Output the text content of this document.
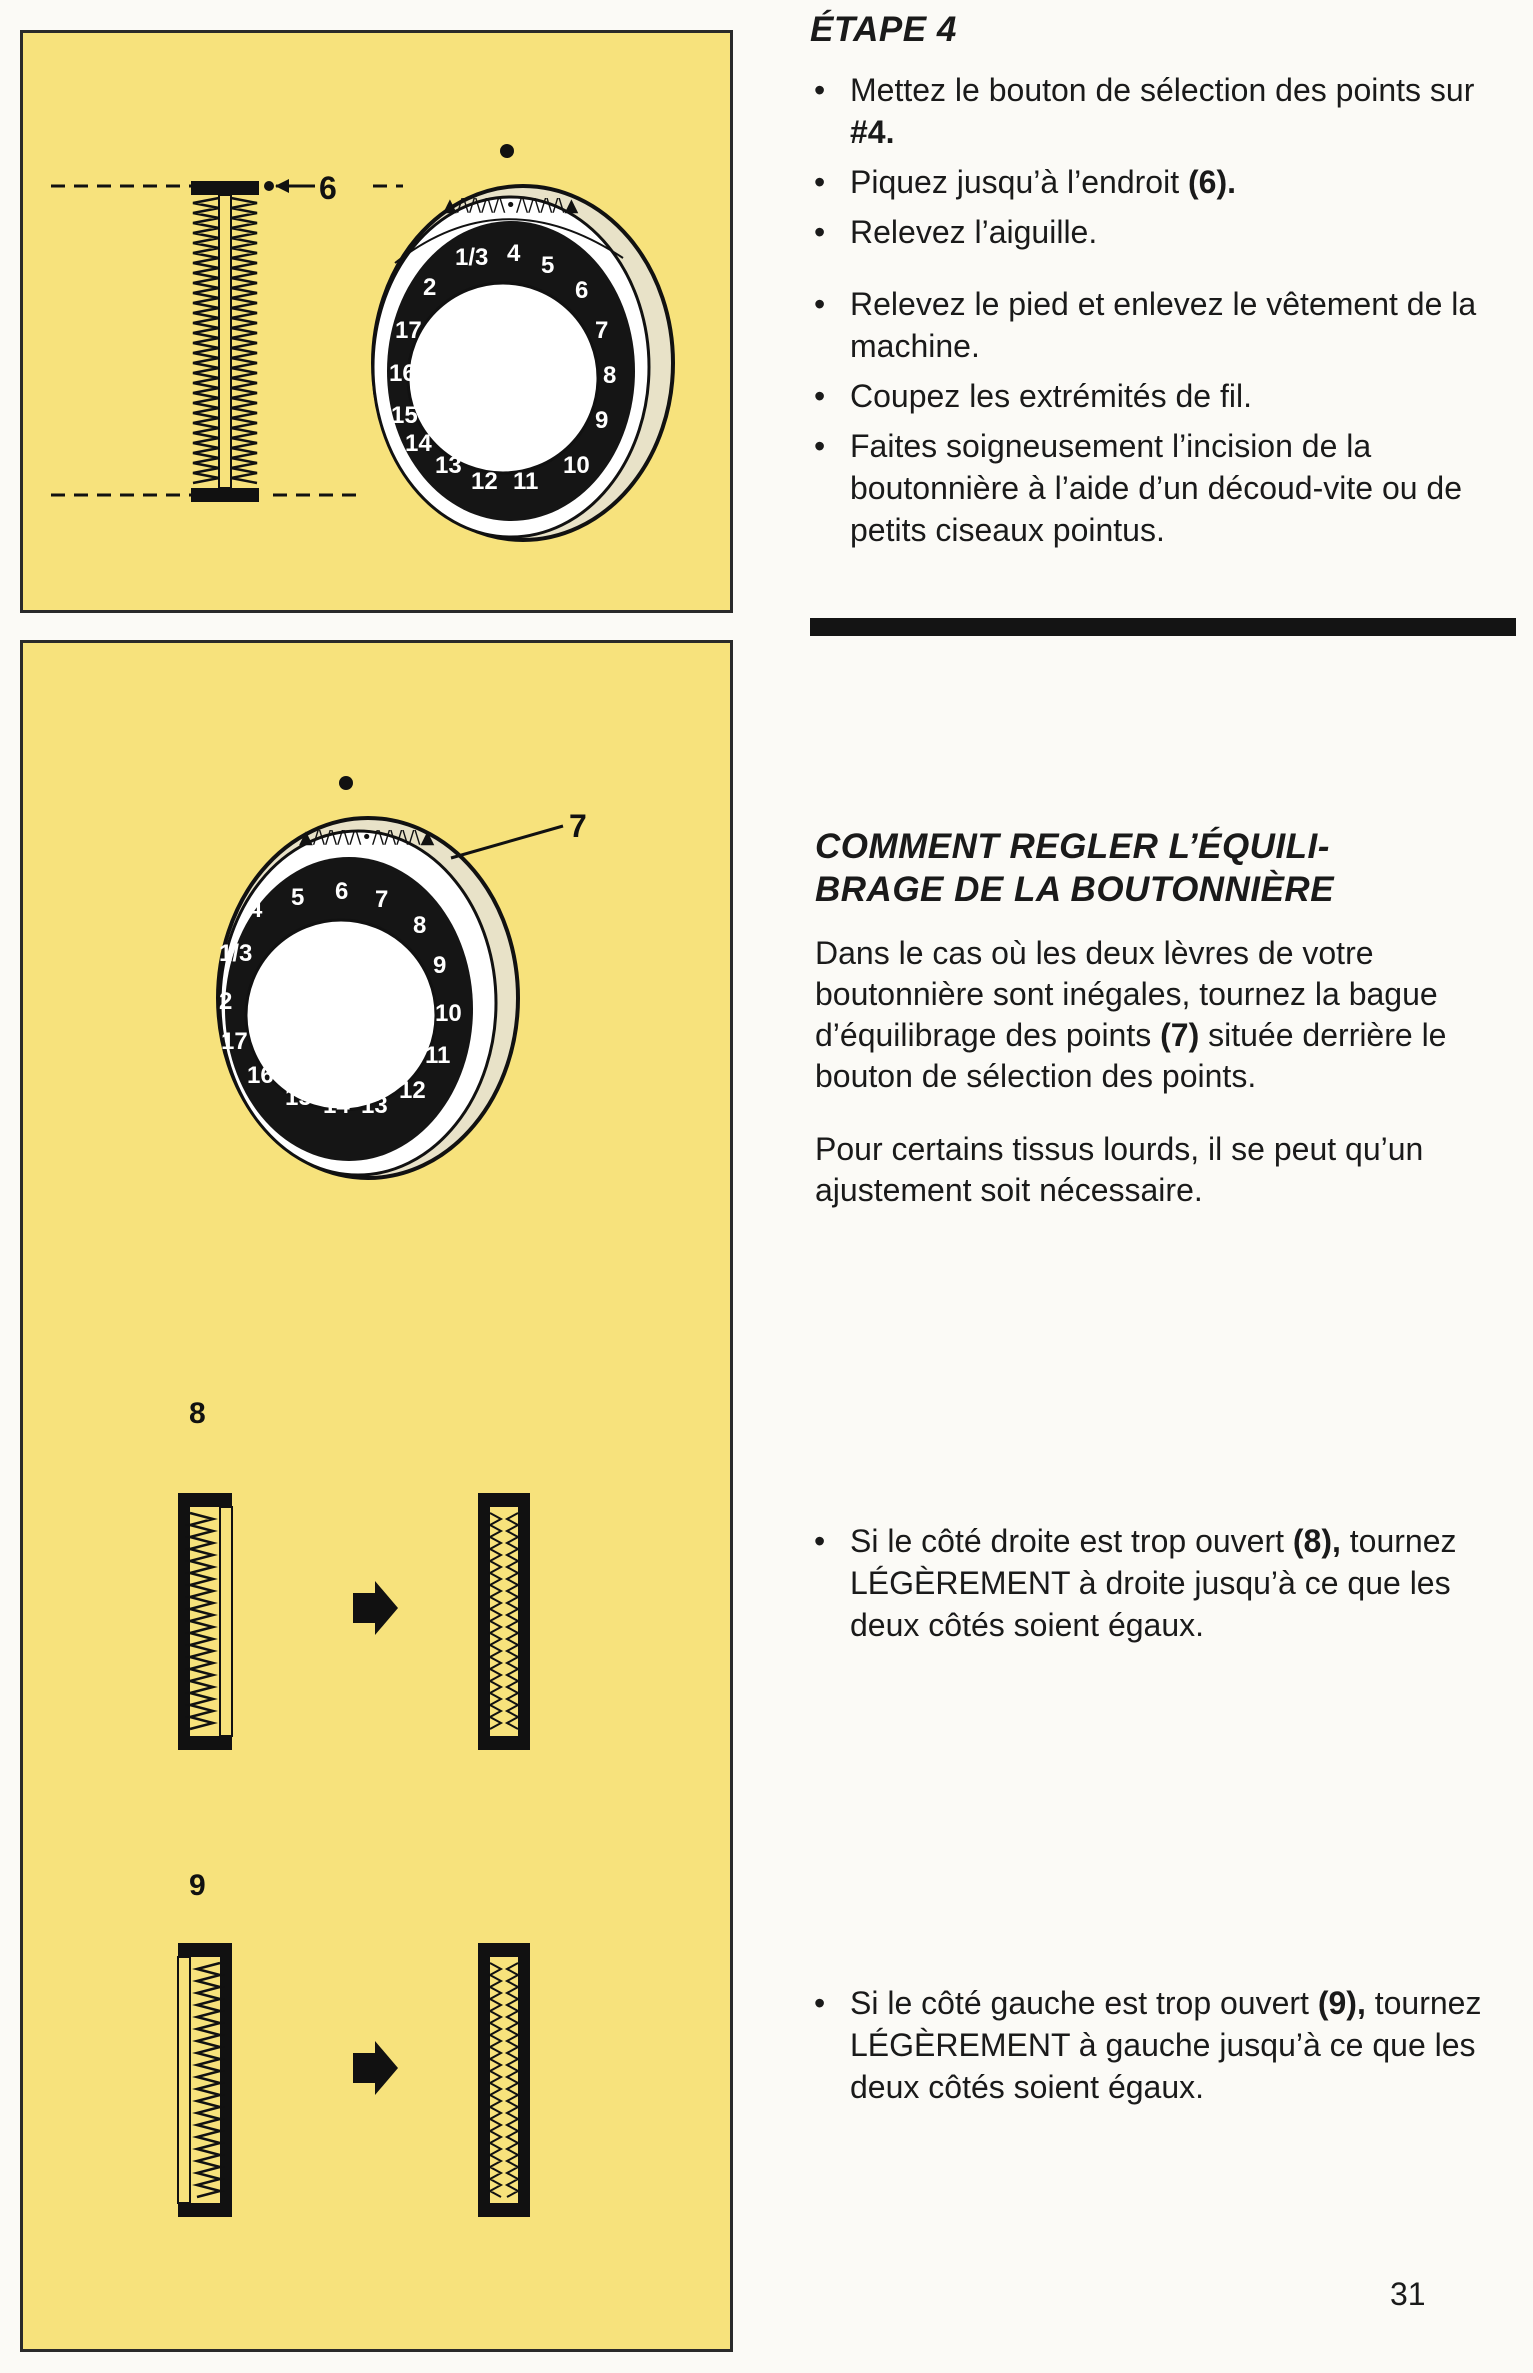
6
1/3 4 5
6
7
8
9
10
11
12
13
14
15
16
17
2
▲/\/\/\/\•/\/\/\/\▲
4 5 6 7
8
9
10
11
12
13
14
15
16
17
2
1/3
▲/\/\/\/\•/\/\/\/\▲	7
8
9
ÉTAPE 4
• Mettez le bouton de sélection des points sur #4.
• Piquez jusqu’à l’endroit (6).
• Relevez l’aiguille.
• Relevez le pied et enlevez le vêtement de la machine.
• Coupez les extrémités de fil.
• Faites soigneusement l’incision de la boutonnière à l’aide d’un découd-vite ou de petits ciseaux pointus.
COMMENT REGLER L’ÉQUILI-
BRAGE DE LA BOUTONNIÈRE

Dans le cas où les deux lèvres de votre boutonnière sont inégales, tournez la bague d’équilibrage des points (7) située derrière le bouton de sélection des points.

Pour certains tissus lourds, il se peut qu’un ajustement soit nécessaire.

• Si le côté droite est trop ouvert (8), tournez LÉGÈREMENT à droite jusqu’à ce que les deux côtés soient égaux.
• Si le côté gauche est trop ouvert (9), tournez LÉGÈREMENT à gauche jusqu’à ce que les deux côtés soient égaux.
31
